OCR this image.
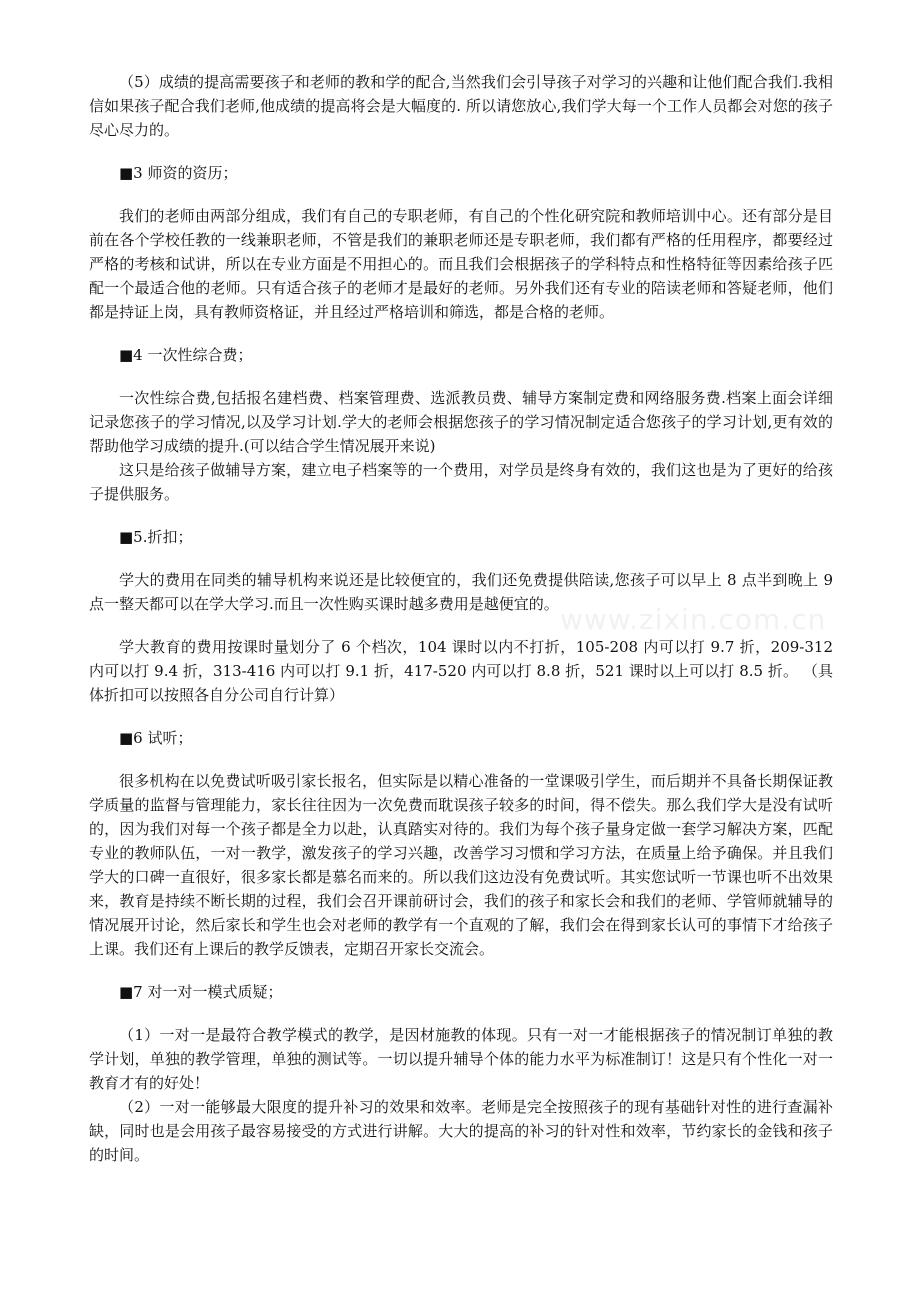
（5）成绩的提高需要孩子和老师的教和学的配合,当然我们会引导孩子对学习的兴趣和让他们配合我们.我相信如果孩子配合我们老师,他成绩的提高将会是大幅度的. 所以请您放心,我们学大每一个工作人员都会对您的孩子尽心尽力的。

■3 师资的资历；

我们的老师由两部分组成，我们有自己的专职老师，有自己的个性化研究院和教师培训中心。还有部分是目前在各个学校任教的一线兼职老师，不管是我们的兼职老师还是专职老师，我们都有严格的任用程序，都要经过严格的考核和试讲，所以在专业方面是不用担心的。而且我们会根据孩子的学科特点和性格特征等因素给孩子匹配一个最适合他的老师。只有适合孩子的老师才是最好的老师。另外我们还有专业的陪读老师和答疑老师，他们都是持证上岗，具有教师资格证，并且经过严格培训和筛选，都是合格的老师。

■4 一次性综合费；

一次性综合费,包括报名建档费、档案管理费、选派教员费、辅导方案制定费和网络服务费.档案上面会详细记录您孩子的学习情况,以及学习计划.学大的老师会根据您孩子的学习情况制定适合您孩子的学习计划,更有效的帮助他学习成绩的提升.(可以结合学生情况展开来说)

这只是给孩子做辅导方案，建立电子档案等的一个费用，对学员是终身有效的，我们这也是为了更好的给孩子提供服务。

■5.折扣；

学大的费用在同类的辅导机构来说还是比较便宜的，我们还免费提供陪读,您孩子可以早上 8 点半到晚上 9 点一整天都可以在学大学习.而且一次性购买课时越多费用是越便宜的。

学大教育的费用按课时量划分了 6 个档次，104 课时以内不打折，105-208 内可以打 9.7 折，209-312 内可以打 9.4 折，313-416 内可以打 9.1 折，417-520 内可以打 8.8 折，521 课时以上可以打 8.5 折。 （具体折扣可以按照各自分公司自行计算）

■6 试听；

很多机构在以免费试听吸引家长报名，但实际是以精心准备的一堂课吸引学生，而后期并不具备长期保证教学质量的监督与管理能力，家长往往因为一次免费而耽误孩子较多的时间，得不偿失。那么我们学大是没有试听的，因为我们对每一个孩子都是全力以赴，认真踏实对待的。我们为每个孩子量身定做一套学习解决方案，匹配专业的教师队伍，一对一教学，激发孩子的学习兴趣，改善学习习惯和学习方法，在质量上给予确保。并且我们学大的口碑一直很好，很多家长都是慕名而来的。所以我们这边没有免费试听。其实您试听一节课也听不出效果来，教育是持续不断长期的过程，我们会召开课前研讨会，我们的孩子和家长会和我们的老师、学管师就辅导的情况展开讨论，然后家长和学生也会对老师的教学有一个直观的了解，我们会在得到家长认可的事情下才给孩子上课。我们还有上课后的教学反馈表，定期召开家长交流会。

■7 对一对一模式质疑；

（1）一对一是最符合教学模式的教学，是因材施教的体现。只有一对一才能根据孩子的情况制订单独的教学计划，单独的教学管理，单独的测试等。一切以提升辅导个体的能力水平为标准制订！这是只有个性化一对一教育才有的好处！

（2）一对一能够最大限度的提升补习的效果和效率。老师是完全按照孩子的现有基础针对性的进行查漏补缺，同时也是会用孩子最容易接受的方式进行讲解。大大的提高的补习的针对性和效率，节约家长的金钱和孩子的时间。

www.zixin.com.cn
